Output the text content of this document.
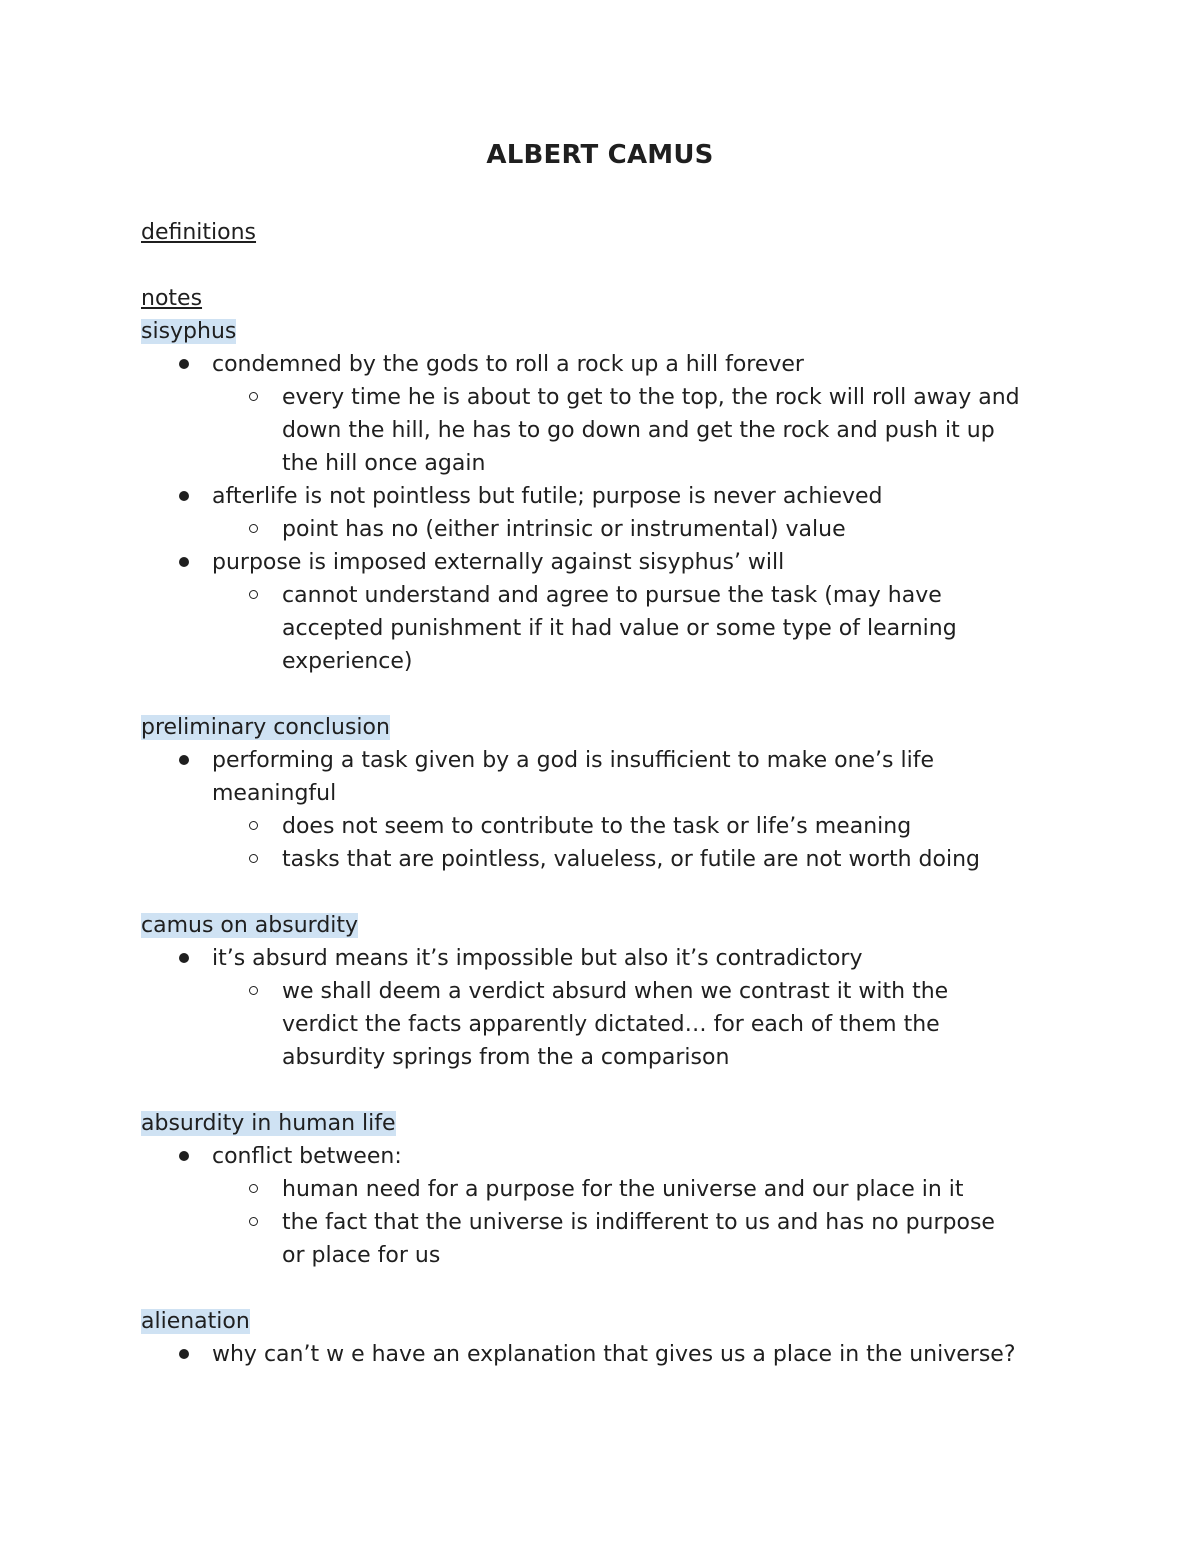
ALBERT CAMUS
definitions
notes
sisyphus
condemned by the gods to roll a rock up a hill forever
every time he is about to get to the top, the rock will roll away and
down the hill, he has to go down and get the rock and push it up
the hill once again
afterlife is not pointless but futile; purpose is never achieved
point has no (either intrinsic or instrumental) value
purpose is imposed externally against sisyphus’ will
cannot understand and agree to pursue the task (may have
accepted punishment if it had value or some type of learning
experience)
preliminary conclusion
performing a task given by a god is insufficient to make one’s life
meaningful
does not seem to contribute to the task or life’s meaning
tasks that are pointless, valueless, or futile are not worth doing
camus on absurdity
it’s absurd means it’s impossible but also it’s contradictory
we shall deem a verdict absurd when we contrast it with the
verdict the facts apparently dictated… for each of them the
absurdity springs from the a comparison
absurdity in human life
conflict between:
human need for a purpose for the universe and our place in it
the fact that the universe is indifferent to us and has no purpose
or place for us
alienation
why can’t w e have an explanation that gives us a place in the universe?
